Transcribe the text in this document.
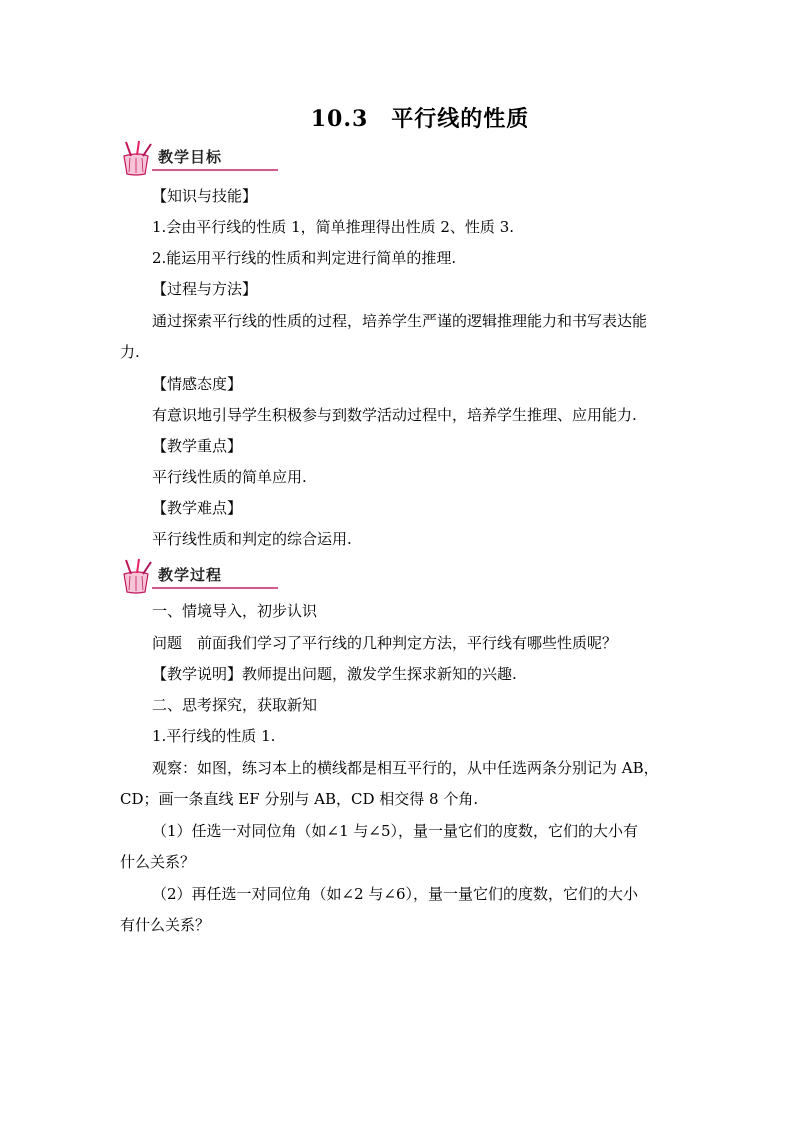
10.3　平行线的性质
教学目标
【知识与技能】
1.会由平行线的性质 1，简单推理得出性质 2、性质 3.
2.能运用平行线的性质和判定进行简单的推理.
【过程与方法】
通过探索平行线的性质的过程，培养学生严谨的逻辑推理能力和书写表达能
力.
【情感态度】
有意识地引导学生积极参与到数学活动过程中，培养学生推理、应用能力.
【教学重点】
平行线性质的简单应用.
【教学难点】
平行线性质和判定的综合运用.
教学过程
一、情境导入，初步认识
问题　前面我们学习了平行线的几种判定方法，平行线有哪些性质呢？
【教学说明】教师提出问题，激发学生探求新知的兴趣.
二、思考探究，获取新知
1.平行线的性质 1.
观察：如图，练习本上的横线都是相互平行的，从中任选两条分别记为 AB，
CD；画一条直线 EF 分别与 AB，CD 相交得 8 个角.
（1）任选一对同位角（如∠1 与∠5），量一量它们的度数，它们的大小有
什么关系？
（2）再任选一对同位角（如∠2 与∠6），量一量它们的度数，它们的大小
有什么关系？
